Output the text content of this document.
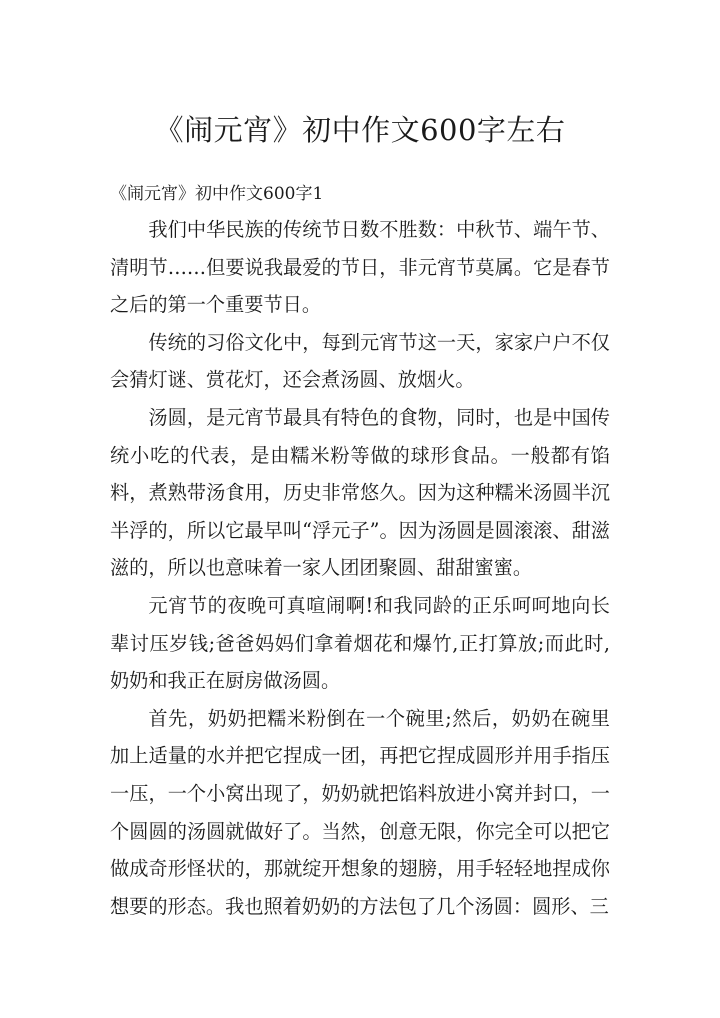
《闹元宵》初中作文600字左右

《闹元宵》初中作文600字1

我们中华民族的传统节日数不胜数：中秋节、端午节、清明节……但要说我最爱的节日，非元宵节莫属。它是春节之后的第一个重要节日。

传统的习俗文化中，每到元宵节这一天，家家户户不仅会猜灯谜、赏花灯，还会煮汤圆、放烟火。

汤圆，是元宵节最具有特色的食物，同时，也是中国传统小吃的代表，是由糯米粉等做的球形食品。一般都有馅料，煮熟带汤食用，历史非常悠久。因为这种糯米汤圆半沉半浮的，所以它最早叫“浮元子”。因为汤圆是圆滚滚、甜滋滋的，所以也意味着一家人团团聚圆、甜甜蜜蜜。

元宵节的夜晚可真喧闹啊!和我同龄的正乐呵呵地向长辈讨压岁钱;爸爸妈妈们拿着烟花和爆竹,正打算放;而此时,奶奶和我正在厨房做汤圆。

首先，奶奶把糯米粉倒在一个碗里;然后，奶奶在碗里加上适量的水并把它捏成一团，再把它捏成圆形并用手指压一压，一个小窝出现了，奶奶就把馅料放进小窝并封口，一个圆圆的汤圆就做好了。当然，创意无限，你完全可以把它做成奇形怪状的，那就绽开想象的翅膀，用手轻轻地捏成你想要的形态。我也照着奶奶的方法包了几个汤圆：圆形、三
